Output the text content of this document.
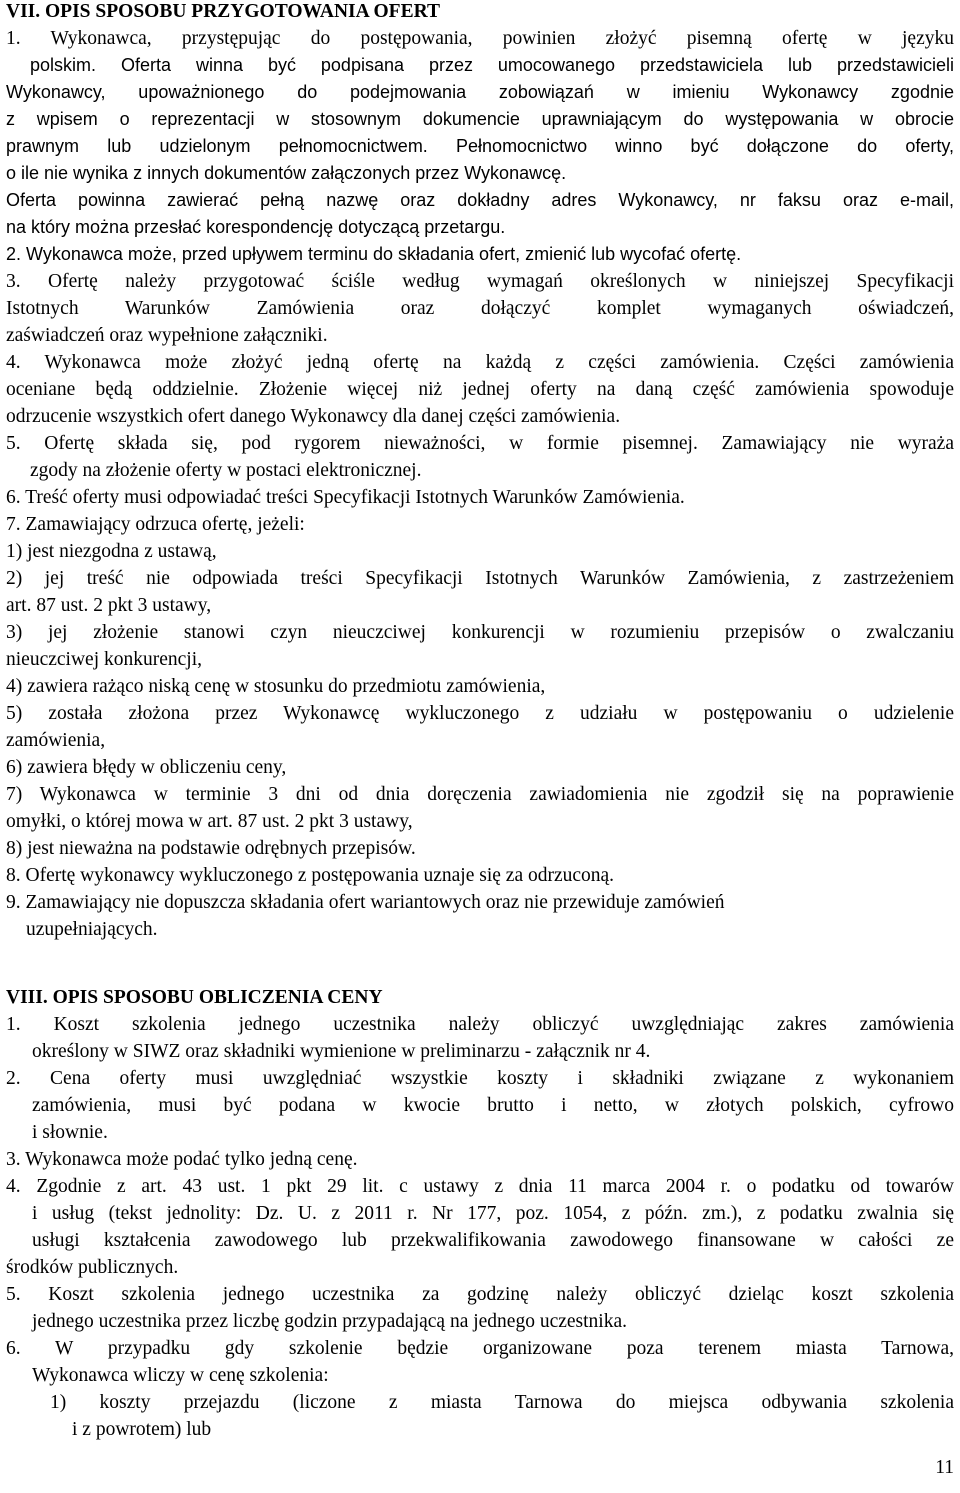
VII. OPIS SPOSOBU PRZYGOTOWANIA OFERT
1. Wykonawca, przystępując do postępowania, powinien złożyć pisemną ofertę w języku
polskim. Oferta winna być podpisana przez umocowanego przedstawiciela lub przedstawicieli
Wykonawcy, upoważnionego do podejmowania zobowiązań w imieniu Wykonawcy zgodnie
z wpisem o reprezentacji w stosownym dokumencie uprawniającym do występowania w obrocie
prawnym lub udzielonym pełnomocnictwem. Pełnomocnictwo winno być dołączone do oferty,
o ile nie wynika z innych dokumentów załączonych przez Wykonawcę.
Oferta powinna zawierać pełną nazwę oraz dokładny adres Wykonawcy, nr faksu oraz e-mail,
na który można przesłać korespondencję dotyczącą przetargu.
2. Wykonawca może, przed upływem terminu do składania ofert, zmienić lub wycofać ofertę.
3. Ofertę należy przygotować ściśle według wymagań określonych w niniejszej Specyfikacji
Istotnych Warunków Zamówienia oraz dołączyć komplet wymaganych oświadczeń,
zaświadczeń oraz wypełnione załączniki.
4. Wykonawca może złożyć jedną ofertę na każdą z części zamówienia. Części zamówienia
oceniane będą oddzielnie. Złożenie więcej niż jednej oferty na daną część zamówienia spowoduje
odrzucenie wszystkich ofert danego Wykonawcy dla danej części zamówienia.
5. Ofertę składa się, pod rygorem nieważności, w formie pisemnej. Zamawiający nie wyraża
zgody na złożenie oferty w postaci elektronicznej.
6. Treść oferty musi odpowiadać treści Specyfikacji Istotnych Warunków Zamówienia.
7. Zamawiający odrzuca ofertę, jeżeli:
1) jest niezgodna z ustawą,
2) jej treść nie odpowiada treści Specyfikacji Istotnych Warunków Zamówienia, z zastrzeżeniem
art. 87 ust. 2 pkt 3 ustawy,
3) jej złożenie stanowi czyn nieuczciwej konkurencji w rozumieniu przepisów o zwalczaniu
nieuczciwej konkurencji,
4) zawiera rażąco niską cenę w stosunku do przedmiotu zamówienia,
5) została złożona przez Wykonawcę wykluczonego z udziału w postępowaniu o udzielenie
zamówienia,
6) zawiera błędy w obliczeniu ceny,
7) Wykonawca w terminie 3 dni od dnia doręczenia zawiadomienia nie zgodził się na poprawienie
omyłki, o której mowa w art. 87 ust. 2 pkt 3 ustawy,
8) jest nieważna na podstawie odrębnych przepisów.
8. Ofertę wykonawcy wykluczonego z postępowania uznaje się za odrzuconą.
9. Zamawiający nie dopuszcza składania ofert wariantowych oraz nie przewiduje zamówień
uzupełniających.
VIII. OPIS SPOSOBU OBLICZENIA CENY
1. Koszt szkolenia jednego uczestnika należy obliczyć uwzględniając zakres zamówienia
określony w SIWZ oraz składniki wymienione w preliminarzu - załącznik nr 4.
2. Cena oferty musi uwzględniać wszystkie koszty i składniki związane z wykonaniem
zamówienia, musi być podana w kwocie brutto i netto, w złotych polskich, cyfrowo
i słownie.
3. Wykonawca może podać tylko jedną cenę.
4. Zgodnie z art. 43 ust. 1 pkt 29 lit. c ustawy z dnia 11 marca 2004 r. o podatku od towarów
i usług (tekst jednolity: Dz. U. z 2011 r. Nr 177, poz. 1054, z późn. zm.), z podatku zwalnia się
usługi kształcenia zawodowego lub przekwalifikowania zawodowego finansowane w całości ze
środków publicznych.
5. Koszt szkolenia jednego uczestnika za godzinę należy obliczyć dzieląc koszt szkolenia
jednego uczestnika przez liczbę godzin przypadającą na jednego uczestnika.
6. W przypadku gdy szkolenie będzie organizowane poza terenem miasta Tarnowa,
Wykonawca wliczy w cenę szkolenia:
1) koszty przejazdu (liczone z miasta Tarnowa do miejsca odbywania szkolenia
i z powrotem) lub
11
